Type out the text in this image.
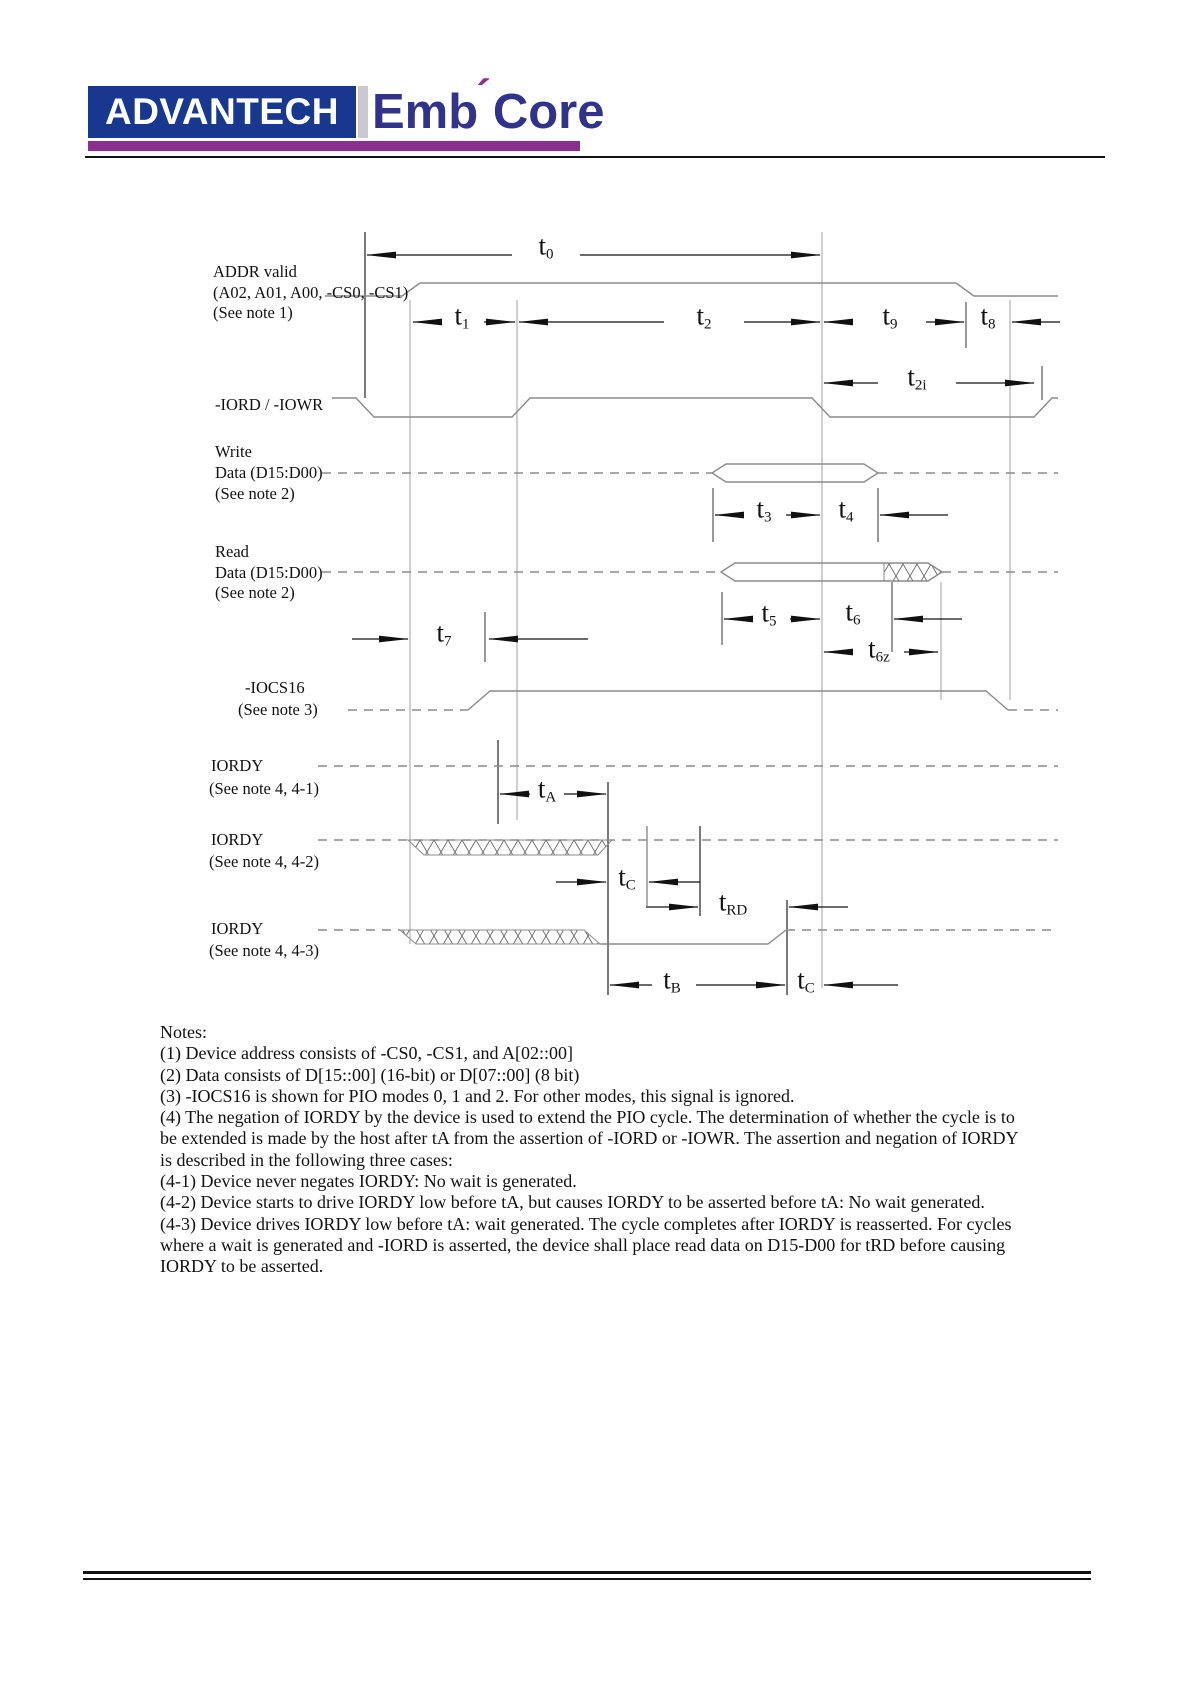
ADVANTECH Emb
´ Core
ADDR valid
(A02, A01, A00, -CS0, -CS1)
(See note 1)
-IORD / -IOWR
Write
Data (D15:D00)
(See note 2)
Read
Data (D15:D00)
(See note 2)
-IOCS16
(See note 3)
IORDY
(See note 4, 4-1)
IORDY
(See note 4, 4-2)
IORDY
(See note 4, 4-3)
$t_0$
$t_1$	$t_2$	$t_9$	$t_8$
$t_{2i}$
$t_3$ $t_4$
$t_5$	$t_6$
$t_{6z}$
$t_7$
$t_A$
$t_C$
$t_{RD}$
$t_B$	$t_C$
Notes:
(1) Device address consists of -CS0, -CS1, and A[02::00]
(2) Data consists of D[15::00] (16-bit) or D[07::00] (8 bit)
(3) -IOCS16 is shown for PIO modes 0, 1 and 2. For other modes, this signal is ignored.
(4) The negation of IORDY by the device is used to extend the PIO cycle. The determination of whether the cycle is to
be extended is made by the host after tA from the assertion of -IORD or -IOWR. The assertion and negation of IORDY
is described in the following three cases:
(4-1) Device never negates IORDY: No wait is generated.
(4-2) Device starts to drive IORDY low before tA, but causes IORDY to be asserted before tA: No wait generated.
(4-3) Device drives IORDY low before tA: wait generated. The cycle completes after IORDY is reasserted. For cycles
where a wait is generated and -IORD is asserted, the device shall place read data on D15-D00 for tRD before causing
IORDY to be asserted.
